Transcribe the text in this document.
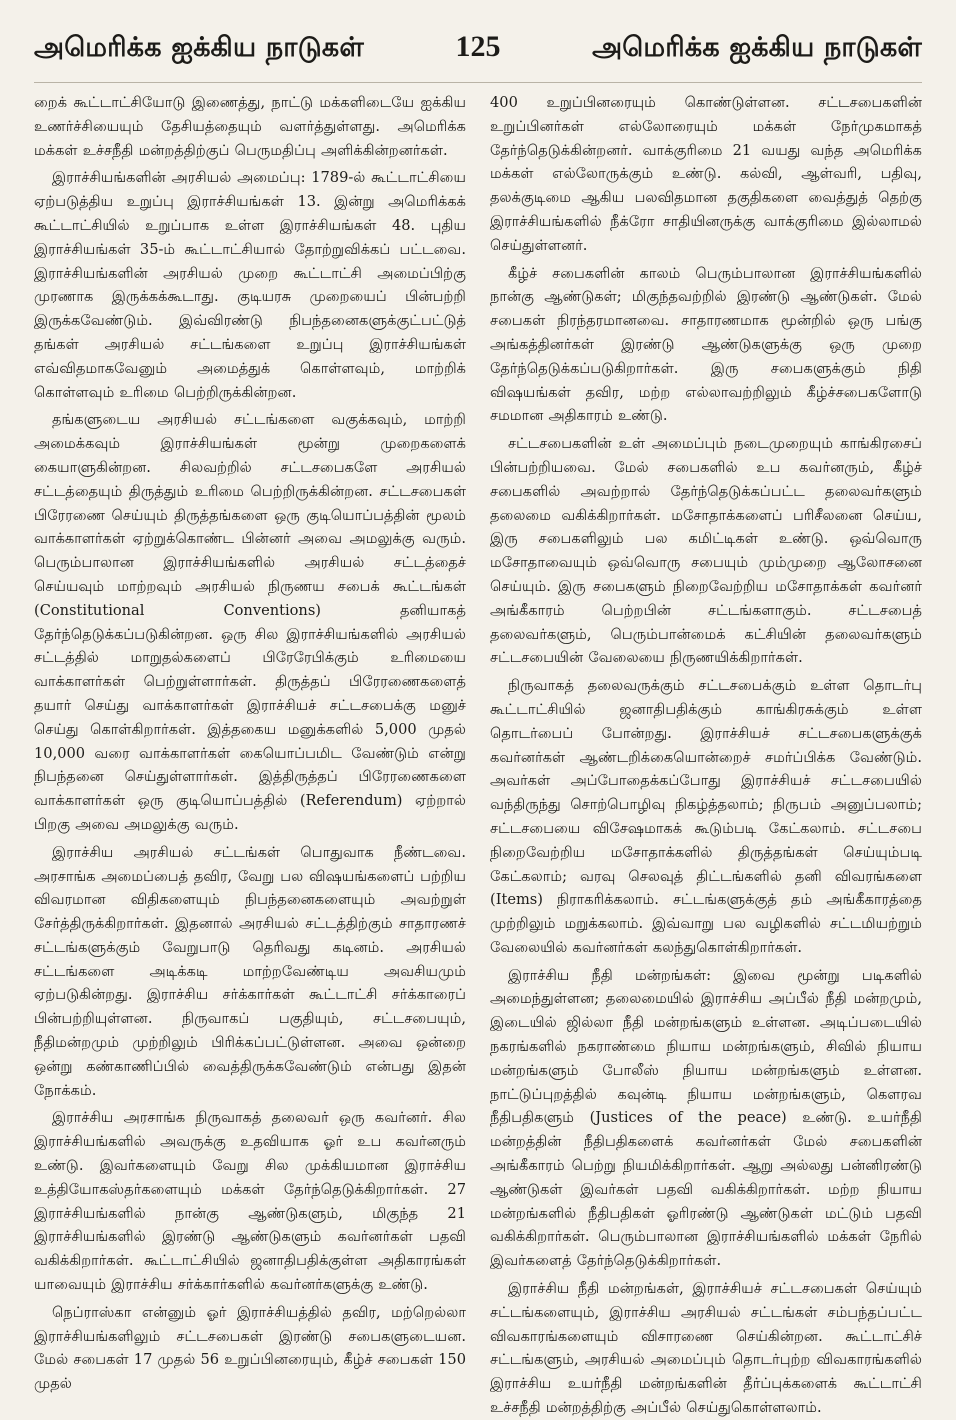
அமெரிக்க ஐக்கிய நாடுகள்	125	அமெரிக்க ஐக்கிய நாடுகள்

றைக் கூட்டாட்சியோடு இணைத்து, நாட்டு மக்களிடையே ஐக்கிய உணர்ச்சியையும் தேசியத்தையும் வளர்த்துள்ளது. அமெரிக்க மக்கள் உச்சநீதி மன்றத்திற்குப் பெருமதிப்பு அளிக்கின்றனர்கள்.

இராச்சியங்களின் அரசியல் அமைப்பு: 1789-ல் கூட்டாட்சியை ஏற்படுத்திய உறுப்பு இராச்சியங்கள் 13. இன்று அமெரிக்கக் கூட்டாட்சியில் உறுப்பாக உள்ள இராச்சியங்கள் 48. புதிய இராச்சியங்கள் 35-ம் கூட்டாட்சியால் தோற்றுவிக்கப் பட்டவை. இராச்சியங்களின் அரசியல் முறை கூட்டாட்சி அமைப்பிற்கு முரணாக இருக்கக்கூடாது. குடியரசு முறையைப் பின்பற்றி இருக்கவேண்டும். இவ்விரண்டு நிபந்தனைகளுக்குட்பட்டுத் தங்கள் அரசியல் சட்டங்களை உறுப்பு இராச்சியங்கள் எவ்விதமாகவேனும் அமைத்துக் கொள்ளவும், மாற்றிக் கொள்ளவும் உரிமை பெற்றிருக்கின்றன.

தங்களுடைய அரசியல் சட்டங்களை வகுக்கவும், மாற்றி அமைக்கவும் இராச்சியங்கள் மூன்று முறைகளைக் கையாளுகின்றன. சிலவற்றில் சட்டசபைகளே அரசியல் சட்டத்தையும் திருத்தும் உரிமை பெற்றிருக்கின்றன. சட்டசபைகள் பிரேரணை செய்யும் திருத்தங்களை ஒரு குடியொப்பத்தின் மூலம் வாக்காளர்கள் ஏற்றுக்கொண்ட பின்னர் அவை அமலுக்கு வரும். பெரும்பாலான இராச்சியங்களில் அரசியல் சட்டத்தைச் செய்யவும் மாற்றவும் அரசியல் நிருணய சபைக் கூட்டங்கள் (Constitutional Conventions) தனியாகத் தேர்ந்தெடுக்கப்படுகின்றன. ஒரு சில இராச்சியங்களில் அரசியல் சட்டத்தில் மாறுதல்களைப் பிரேரேபிக்கும் உரிமையை வாக்காளர்கள் பெற்றுள்ளார்கள். திருத்தப் பிரேரணைகளைத் தயார் செய்து வாக்காளர்கள் இராச்சியச் சட்டசபைக்கு மனுச் செய்து கொள்கிறார்கள். இத்தகைய மனுக்களில் 5,000 முதல் 10,000 வரை வாக்காளர்கள் கையொப்பமிட வேண்டும் என்று நிபந்தனை செய்துள்ளார்கள். இத்திருத்தப் பிரேரணைகளை வாக்காளர்கள் ஒரு குடியொப்பத்தில் (Referendum) ஏற்றால் பிறகு அவை அமலுக்கு வரும்.

இராச்சிய அரசியல் சட்டங்கள் பொதுவாக நீண்டவை. அரசாங்க அமைப்பைத் தவிர, வேறு பல விஷயங்களைப் பற்றிய விவரமான விதிகளையும் நிபந்தனைகளையும் அவற்றுள் சேர்த்திருக்கிறார்கள். இதனால் அரசியல் சட்டத்திற்கும் சாதாரணச் சட்டங்களுக்கும் வேறுபாடு தெரிவது கடினம். அரசியல் சட்டங்களை அடிக்கடி மாற்றவேண்டிய அவசியமும் ஏற்படுகின்றது. இராச்சிய சர்க்கார்கள் கூட்டாட்சி சர்க்காரைப் பின்பற்றியுள்ளன. நிருவாகப் பகுதியும், சட்டசபையும், நீதிமன்றமும் முற்றிலும் பிரிக்கப்பட்டுள்ளன. அவை ஒன்றை ஒன்று கண்காணிப்பில் வைத்திருக்கவேண்டும் என்பது இதன் நோக்கம்.

இராச்சிய அரசாங்க நிருவாகத் தலைவர் ஒரு கவர்னர். சில இராச்சியங்களில் அவருக்கு உதவியாக ஓர் உப கவர்னரும் உண்டு. இவர்களையும் வேறு சில முக்கியமான இராச்சிய உத்தியோகஸ்தர்களையும் மக்கள் தேர்ந்தெடுக்கிறார்கள். 27 இராச்சியங்களில் நான்கு ஆண்டுகளும், மிகுந்த 21 இராச்சியங்களில் இரண்டு ஆண்டுகளும் கவர்னர்கள் பதவி வகிக்கிறார்கள். கூட்டாட்சியில் ஜனாதிபதிக்குள்ள அதிகாரங்கள் யாவையும் இராச்சிய சர்க்கார்களில் கவர்னர்களுக்கு உண்டு.

நெப்ராஸ்கா என்னும் ஓர் இராச்சியத்தில் தவிர, மற்றெல்லா இராச்சியங்களிலும் சட்டசபைகள் இரண்டு சபைகளுடையன. மேல் சபைகள் 17 முதல் 56 உறுப்பினரையும், கீழ்ச் சபைகள் 150 முதல்

400 உறுப்பினரையும் கொண்டுள்ளன. சட்டசபைகளின் உறுப்பினர்கள் எல்லோரையும் மக்கள் நேர்முகமாகத் தேர்ந்தெடுக்கின்றனர். வாக்குரிமை 21 வயது வந்த அமெரிக்க மக்கள் எல்லோருக்கும் உண்டு. கல்வி, ஆள்வரி, பதிவு, தலக்குடிமை ஆகிய பலவிதமான தகுதிகளை வைத்துத் தெற்கு இராச்சியங்களில் நீக்ரோ சாதியினருக்கு வாக்குரிமை இல்லாமல் செய்துள்ளனர்.

கீழ்ச் சபைகளின் காலம் பெரும்பாலான இராச்சியங்களில் நான்கு ஆண்டுகள்; மிகுந்தவற்றில் இரண்டு ஆண்டுகள். மேல் சபைகள் நிரந்தரமானவை. சாதாரணமாக மூன்றில் ஒரு பங்கு அங்கத்தினர்கள் இரண்டு ஆண்டுகளுக்கு ஒரு முறை தேர்ந்தெடுக்கப்படுகிறார்கள். இரு சபைகளுக்கும் நிதி விஷயங்கள் தவிர, மற்ற எல்லாவற்றிலும் கீழ்ச்சபைகளோடு சமமான அதிகாரம் உண்டு.

சட்டசபைகளின் உள் அமைப்பும் நடைமுறையும் காங்கிரசைப் பின்பற்றியவை. மேல் சபைகளில் உப கவர்னரும், கீழ்ச் சபைகளில் அவற்றால் தேர்ந்தெடுக்கப்பட்ட தலைவர்களும் தலைமை வகிக்கிறார்கள். மசோதாக்களைப் பரிசீலனை செய்ய, இரு சபைகளிலும் பல கமிட்டிகள் உண்டு. ஒவ்வொரு மசோதாவையும் ஒவ்வொரு சபையும் மும்முறை ஆலோசனை செய்யும். இரு சபைகளும் நிறைவேற்றிய மசோதாக்கள் கவர்னர் அங்கீகாரம் பெற்றபின் சட்டங்களாகும். சட்டசபைத் தலைவர்களும், பெரும்பான்மைக் கட்சியின் தலைவர்களும் சட்டசபையின் வேலையை நிருணயிக்கிறார்கள்.

நிருவாகத் தலைவருக்கும் சட்டசபைக்கும் உள்ள தொடர்பு கூட்டாட்சியில் ஜனாதிபதிக்கும் காங்கிரசுக்கும் உள்ள தொடர்பைப் போன்றது. இராச்சியச் சட்டசபைகளுக்குக் கவர்னர்கள் ஆண்டறிக்கையொன்றைச் சமர்ப்பிக்க வேண்டும். அவர்கள் அப்போதைக்கப்போது இராச்சியச் சட்டசபையில் வந்திருந்து சொற்பொழிவு நிகழ்த்தலாம்; நிருபம் அனுப்பலாம்; சட்டசபையை விசேஷமாகக் கூடும்படி கேட்கலாம். சட்டசபை நிறைவேற்றிய மசோதாக்களில் திருத்தங்கள் செய்யும்படி கேட்கலாம்; வரவு செலவுத் திட்டங்களில் தனி விவரங்களை (Items) நிராகரிக்கலாம். சட்டங்களுக்குத் தம் அங்கீகாரத்தை முற்றிலும் மறுக்கலாம். இவ்வாறு பல வழிகளில் சட்டமியற்றும் வேலையில் கவர்னர்கள் கலந்துகொள்கிறார்கள்.

இராச்சிய நீதி மன்றங்கள்: இவை மூன்று படிகளில் அமைந்துள்ளன; தலைமையில் இராச்சிய அப்பீல் நீதி மன்றமும், இடையில் ஜில்லா நீதி மன்றங்களும் உள்ளன. அடிப்படையில் நகரங்களில் நகராண்மை நியாய மன்றங்களும், சிவில் நியாய மன்றங்களும் போலீஸ் நியாய மன்றங்களும் உள்ளன. நாட்டுப்புறத்தில் கவுன்டி நியாய மன்றங்களும், கௌரவ நீதிபதிகளும் (Justices of the peace) உண்டு. உயர்நீதி மன்றத்தின் நீதிபதிகளைக் கவர்னர்கள் மேல் சபைகளின் அங்கீகாரம் பெற்று நியமிக்கிறார்கள். ஆறு அல்லது பன்னிரண்டு ஆண்டுகள் இவர்கள் பதவி வகிக்கிறார்கள். மற்ற நியாய மன்றங்களில் நீதிபதிகள் ஓரிரண்டு ஆண்டுகள் மட்டும் பதவி வகிக்கிறார்கள். பெரும்பாலான இராச்சியங்களில் மக்கள் நேரில் இவர்களைத் தேர்ந்தெடுக்கிறார்கள்.

இராச்சிய நீதி மன்றங்கள், இராச்சியச் சட்டசபைகள் செய்யும் சட்டங்களையும், இராச்சிய அரசியல் சட்டங்கள் சம்பந்தப்பட்ட விவகாரங்களையும் விசாரணை செய்கின்றன. கூட்டாட்சிச் சட்டங்களும், அரசியல் அமைப்பும் தொடர்புற்ற விவகாரங்களில் இராச்சிய உயர்நீதி மன்றங்களின் தீர்ப்புக்களைக் கூட்டாட்சி உச்சநீதி மன்றத்திற்கு அப்பீல் செய்துகொள்ளலாம்.
